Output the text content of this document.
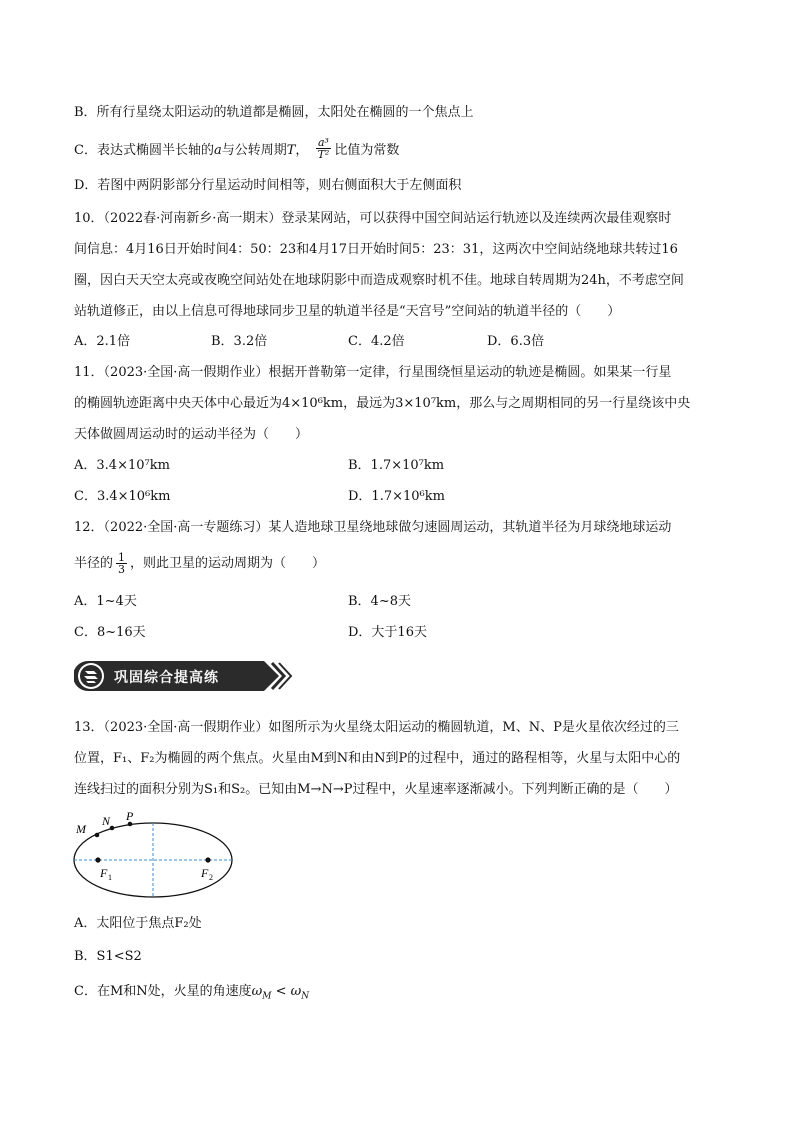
B．所有行星绕太阳运动的轨道都是椭圆，太阳处在椭圆的一个焦点上
C．表达式椭圆半长轴的a与公转周期T， $\frac{\text{a³}}{\text{T²}}$ 比值为常数
D．若图中两阴影部分行星运动时间相等，则右侧面积大于左侧面积
10．（2022春·河南新乡·高一期末）登录某网站，可以获得中国空间站运行轨迹以及连续两次最佳观察时
间信息：4月16日开始时间4：50：23和4月17日开始时间5：23：31，这两次中空间站绕地球共转过16
圈，因白天天空太亮或夜晚空间站处在地球阴影中而造成观察时机不佳。地球自转周期为24h，不考虑空间
站轨道修正，由以上信息可得地球同步卫星的轨道半径是“天宫号”空间站的轨道半径的（　　）
A．2.1倍	B．3.2倍	C．4.2倍	D．6.3倍
11．（2023·全国·高一假期作业）根据开普勒第一定律，行星围绕恒星运动的轨迹是椭圆。如果某一行星
的椭圆轨迹距离中央天体中心最近为4×10⁶km，最远为3×10⁷km，那么与之周期相同的另一行星绕该中央
天体做圆周运动时的运动半径为（　　）
A．3.4×10⁷km	B．1.7×10⁷km
C．3.4×10⁶km	D．1.7×10⁶km
12．（2022·全国·高一专题练习）某人造地球卫星绕地球做匀速圆周运动，其轨道半径为月球绕地球运动
半径的 $\frac{1}{3}$ ，则此卫星的运动周期为（　　）
A．1~4天	B．4~8天
C．8~16天	D．大于16天
巩固综合提高练
13．（2023·全国·高一假期作业）如图所示为火星绕太阳运动的椭圆轨道，M、N、P是火星依次经过的三
位置，F₁、F₂为椭圆的两个焦点。火星由M到N和由N到P的过程中，通过的路程相等，火星与太阳中心的
连线扫过的面积分别为S₁和S₂。已知由M→N→P过程中，火星速率逐渐减小。下列判断正确的是（　　）
M
N P
F 1	F 2
A．太阳位于焦点F₂处
B．S1<S2
C．在M和N处，火星的角速度$\omega_M < \omega_N$
